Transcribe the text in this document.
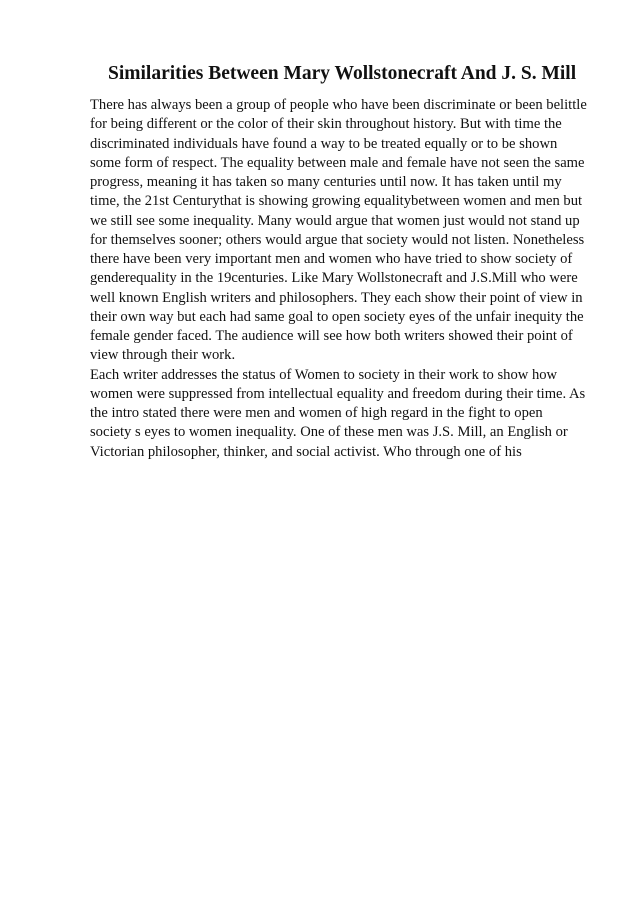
Similarities Between Mary Wollstonecraft And J. S. Mill
There has always been a group of people who have been discriminate or been belittle
for being different or the color of their skin throughout history. But with time the
discriminated individuals have found a way to be treated equally or to be shown
some form of respect. The equality between male and female have not seen the same
progress, meaning it has taken so many centuries until now. It has taken until my
time, the 21st Centurythat is showing growing equalitybetween women and men but
we still see some inequality. Many would argue that women just would not stand up
for themselves sooner; others would argue that society would not listen. Nonetheless
there have been very important men and women who have tried to show society of
genderequality in the 19centuries. Like Mary Wollstonecraft and J.S.Mill who were
well known English writers and philosophers. They each show their point of view in
their own way but each had same goal to open society eyes of the unfair inequity the
female gender faced. The audience will see how both writers showed their point of
view through their work.
Each writer addresses the status of Women to society in their work to show how
women were suppressed from intellectual equality and freedom during their time. As
the intro stated there were men and women of high regard in the fight to open
society s eyes to women inequality. One of these men was J.S. Mill, an English or
Victorian philosopher, thinker, and social activist. Who through one of his
